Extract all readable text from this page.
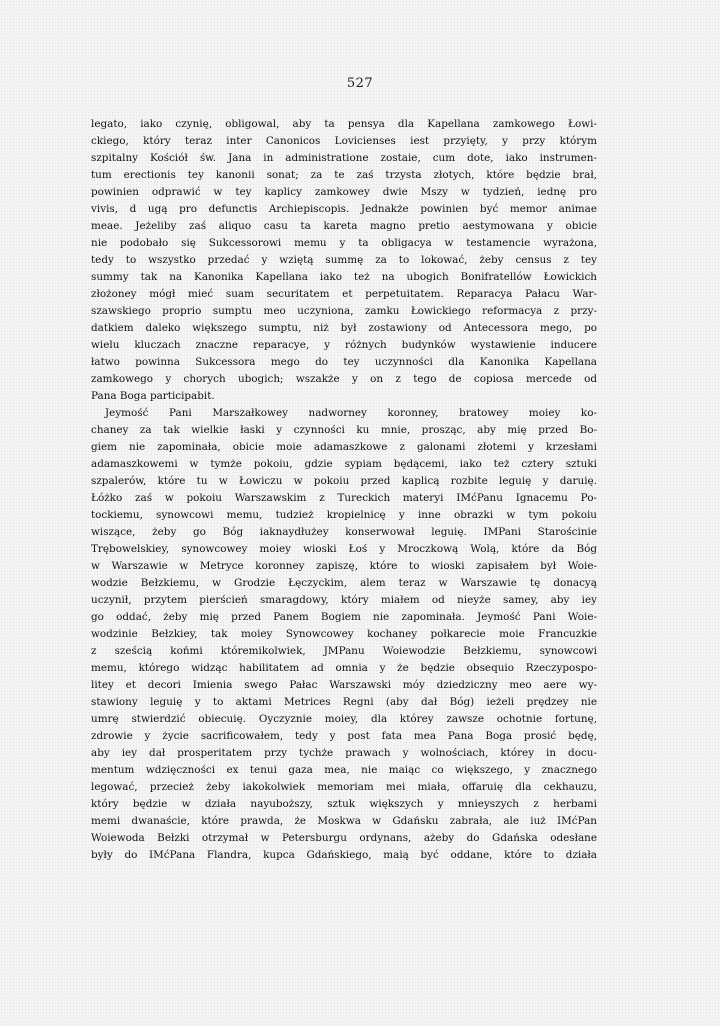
527
legato, iako czynię, obligowal, aby ta pensya dla Kapellana zamkowego Łowi-
ckiego, który teraz inter Canonicos Lovicienses iest przyięty, y przy którym
szpitalny Kościół św. Jana in administratione zostaie, cum dote, iako instrumen-
tum erectionis tey kanonii sonat; za te zaś trzysta złotych, które będzie brał,
powinien odprawić w tey kaplicy zamkowey dwie Mszy w tydzień, iednę pro
vivis, d ugą pro defunctis Archiepiscopis. Jednakże powinien być memor animae
meae. Jeżeliby zaś aliquo casu ta kareta magno pretio aestymowana y obicie
nie podobało się Sukcessorowi memu y ta obligacya w testamencie wyrażona,
tedy to wszystko przedać y wziętą summę za to lokować, żeby census z tey
summy tak na Kanonika Kapellana iako też na ubogich Bonifratellów Łowickich
złożoney mógł mieć suam securitatem et perpetuitatem. Reparacya Pałacu War-
szawskiego proprio sumptu meo uczyniona, zamku Łowickiego reformacya z przy-
datkiem daleko większego sumptu, niż był zostawiony od Antecessora mego, po
wielu kluczach znaczne reparacye, y różnych budynków wystawienie inducere
łatwo powinna Sukcessora mego do tey uczynności dla Kanonika Kapellana
zamkowego y chorych ubogich; wszakże y on z tego de copiosa mercede od
Pana Boga participabit.
Jeymość Pani Marszałkowey nadworney koronney, bratowey moiey ko-
chaney za tak wielkie łaski y czynności ku mnie, prosząc, aby mię przed Bo-
giem nie zapominała, obicie moie adamaszkowe z galonami złotemi y krzesłami
adamaszkowemi w tymże pokoiu, gdzie sypiam będącemi, iako też cztery sztuki
szpalerów, które tu w Łowiczu w pokoiu przed kaplicą rozbite leguię y daruię.
Łóżko zaś w pokoiu Warszawskim z Tureckich materyi IMćPanu Ignacemu Po-
tockiemu, synowcowi memu, tudzież kropielnicę y inne obrazki w tym pokoiu
wiszące, żeby go Bóg iaknaydłużey konserwował leguię. IMPani Starościnie
Trębowelskiey, synowcowey moiey wioski Łoś y Mroczkową Wolą, które da Bóg
w Warszawie w Metryce koronney zapiszę, które to wioski zapisałem był Woie-
wodzie Bełzkiemu, w Grodzie Łęczyckim, alem teraz w Warszawie tę donacyą
uczynił, przytem pierścień smaragdowy, który miałem od nieyże samey, aby iey
go oddać, żeby mię przed Panem Bogiem nie zapominała. Jeymość Pani Woie-
wodzinie Bełzkiey, tak moiey Synowcowey kochaney połkarecie moie Francuzkie
z sześcią końmi któremikolwiek, JMPanu Woiewodzie Bełzkiemu, synowcowi
memu, którego widząc habilitatem ad omnia y że będzie obsequio Rzeczypospo-
litey et decori Imienia swego Pałac Warszawski móy dziedziczny meo aere wy-
stawiony leguię y to aktami Metrices Regni (aby dał Bóg) ieżeli prędzey nie
umrę stwierdzić obiecuię. Oyczyznie moiey, dla którey zawsze ochotnie fortunę,
zdrowie y życie sacrificowałem, tedy y post fata mea Pana Boga prosić będę,
aby iey dał prosperitatem przy tychże prawach y wolnościach, którey in docu-
mentum wdzięczności ex tenui gaza mea, nie maiąc co większego, y znacznego
legować, przecież żeby iakokolwiek memoriam mei miała, offaruię dla cekhauzu,
który będzie w działa nayuboższy, sztuk większych y mnieyszych z herbami
memi dwanaście, które prawda, że Moskwa w Gdańsku zabrała, ale iuż IMćPan
Woiewoda Bełzki otrzymał w Petersburgu ordynans, ażeby do Gdańska odesłane
były do IMćPana Flandra, kupca Gdańskiego, maią być oddane, które to działa
